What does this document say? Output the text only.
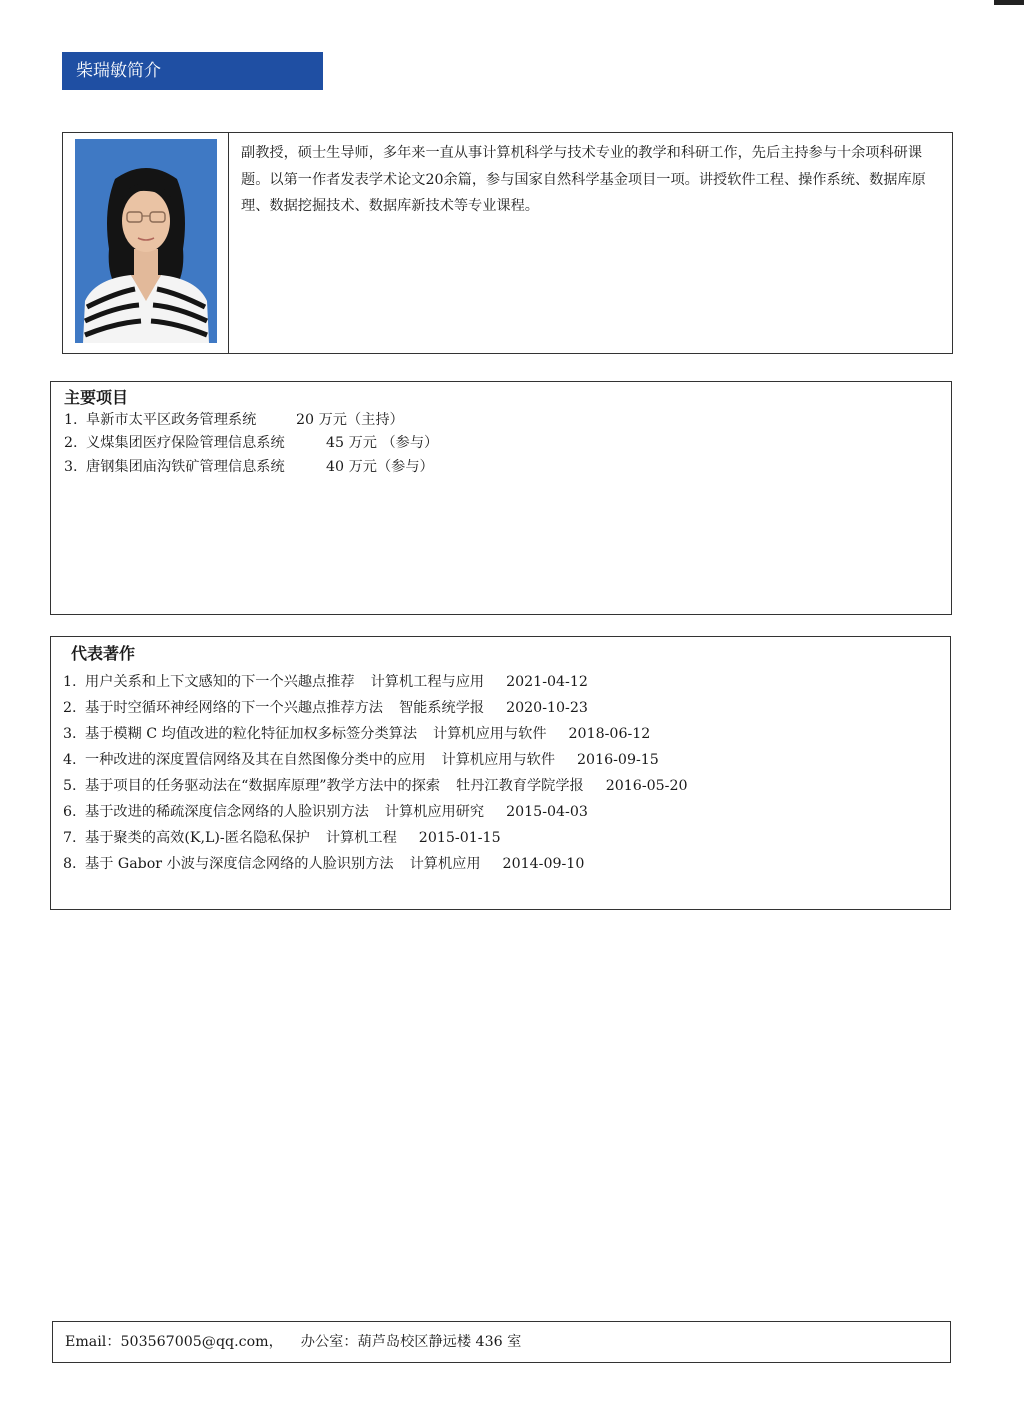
柴瑞敏简介

副教授，硕士生导师，多年来一直从事计算机科学与技术专业的教学和科研工作，先后主持参与十余项科研课题。以第一作者发表学术论文20余篇，参与国家自然科学基金项目一项。讲授软件工程、操作系统、数据库原理、数据挖掘技术、数据库新技术等专业课程。

主要项目
1. 阜新市太平区政务管理系统	20 万元（主持）
2. 义煤集团医疗保险管理信息系统	45 万元 （参与）
3. 唐钢集团庙沟铁矿管理信息系统	40 万元（参与）
代表著作
1. 用户关系和上下文感知的下一个兴趣点推荐 计算机工程与应用 2021-04-12
2. 基于时空循环神经网络的下一个兴趣点推荐方法 智能系统学报 2020-10-23
3. 基于模糊 C 均值改进的粒化特征加权多标签分类算法 计算机应用与软件 2018-06-12
4. 一种改进的深度置信网络及其在自然图像分类中的应用 计算机应用与软件 2016-09-15
5. 基于项目的任务驱动法在“数据库原理”教学方法中的探索 牡丹江教育学院学报 2016-05-20
6. 基于改进的稀疏深度信念网络的人脸识别方法 计算机应用研究 2015-04-03
7. 基于聚类的高效(K,L)-匿名隐私保护 计算机工程 2015-01-15
8. 基于 Gabor 小波与深度信念网络的人脸识别方法 计算机应用 2014-09-10
Email：503567005@qq.com， 办公室：葫芦岛校区静远楼 436 室
